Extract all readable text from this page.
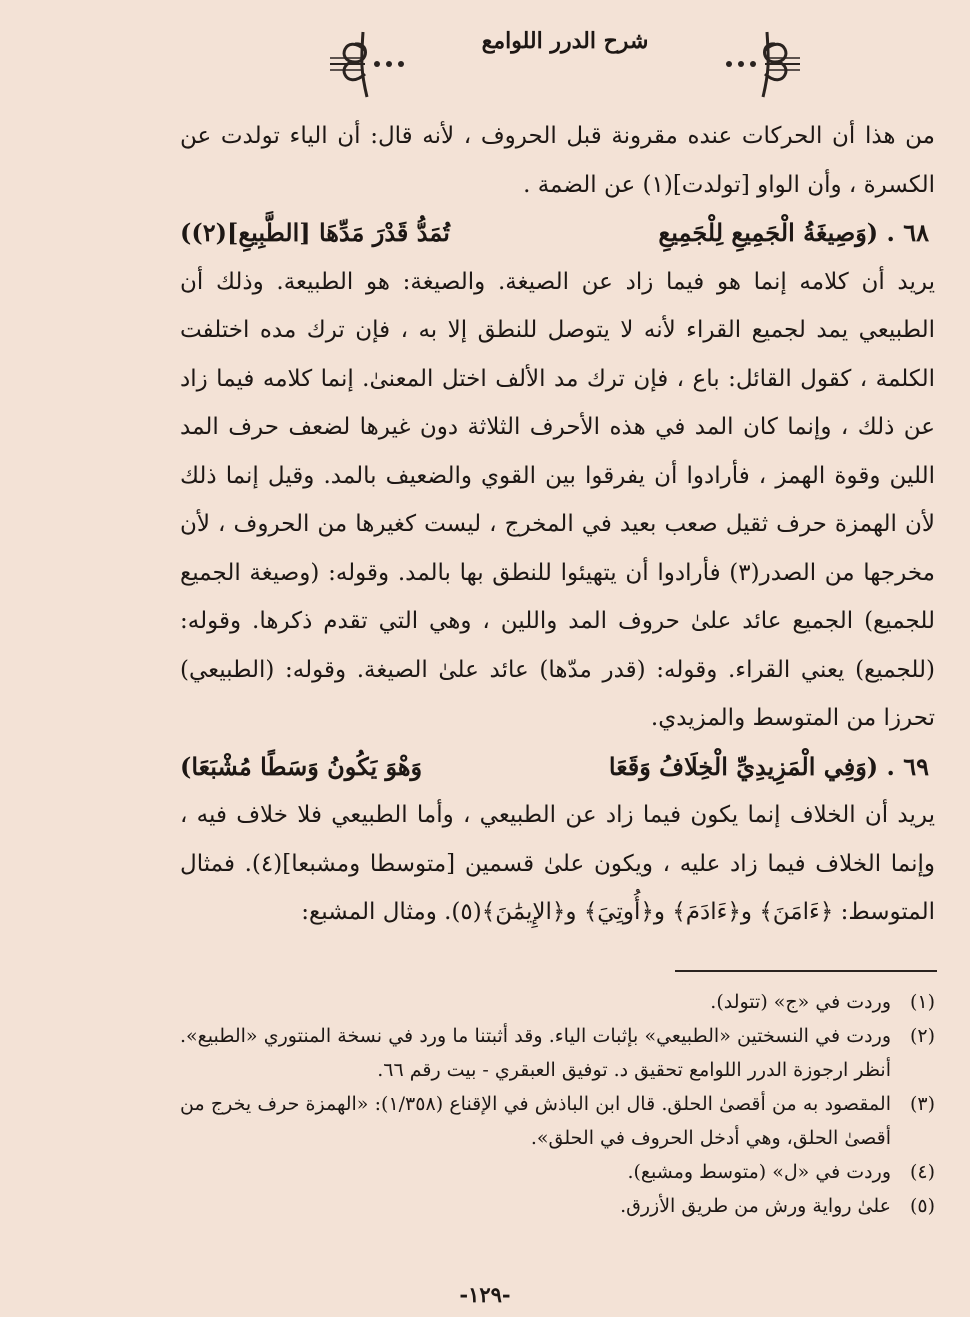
شرح الدرر اللوامع

من هذا أن الحركات عنده مقرونة قبل الحروف ، لأنه قال: أن الياء تولدت عن الكسرة ، وأن الواو [تولدت](١) عن الضمة .

٦٨ . (وَصِيغَةُ الْجَمِيعِ لِلْجَمِيعِ
تُمَدُّ قَدْرَ مَدِّهَا [الطَّبِيعِ](٢))

يريد أن كلامه إنما هو فيما زاد عن الصيغة. والصيغة: هو الطبيعة. وذلك أن الطبيعي يمد لجميع القراء لأنه لا يتوصل للنطق إلا به ، فإن ترك مده اختلفت الكلمة ، كقول القائل: باع ، فإن ترك مد الألف اختل المعنىٰ. إنما كلامه فيما زاد عن ذلك ، وإنما كان المد في هذه الأحرف الثلاثة دون غيرها لضعف حرف المد اللين وقوة الهمز ، فأرادوا أن يفرقوا بين القوي والضعيف بالمد. وقيل إنما ذلك لأن الهمزة حرف ثقيل صعب بعيد في المخرج ، ليست كغيرها من الحروف ، لأن مخرجها من الصدر(٣) فأرادوا أن يتهيئوا للنطق بها بالمد. وقوله: (وصيغة الجميع للجميع) الجميع عائد علىٰ حروف المد واللين ، وهي التي تقدم ذكرها. وقوله: (للجميع) يعني القراء. وقوله: (قدر مدّها) عائد علىٰ الصيغة. وقوله: (الطبيعي) تحرزا من المتوسط والمزيدي.

٦٩ . (وَفِي الْمَزِيدِيِّ الْخِلَافُ وَقَعَا
وَهْوَ يَكُونُ وَسَطًا مُشْبَعَا)

يريد أن الخلاف إنما يكون فيما زاد عن الطبيعي ، وأما الطبيعي فلا خلاف فيه ، وإنما الخلاف فيما زاد عليه ، ويكون علىٰ قسمين [متوسطا ومشبعا](٤). فمثال المتوسط: ﴿ءَامَنَ﴾ و﴿ءَادَمَ﴾ و﴿أُوتِيَ﴾ و﴿الإِيمَٰنَ﴾(٥). ومثال المشبع:

(١)
وردت في «ج» (تتولد).
(٢)
وردت في النسختين «الطبيعي» بإثبات الياء. وقد أثبتنا ما ورد في نسخة المنتوري «الطبيع». أنظر ارجوزة الدرر اللوامع تحقيق د. توفيق العبقري - بيت رقم ٦٦.
(٣)
المقصود به من أقصىٰ الحلق. قال ابن الباذش في الإقناع (١/٣٥٨): «الهمزة حرف يخرج من أقصىٰ الحلق، وهي أدخل الحروف في الحلق».
(٤)
وردت في «ل» (متوسط ومشبع).
(٥)
علىٰ رواية ورش من طريق الأزرق.
-١٢٩-
